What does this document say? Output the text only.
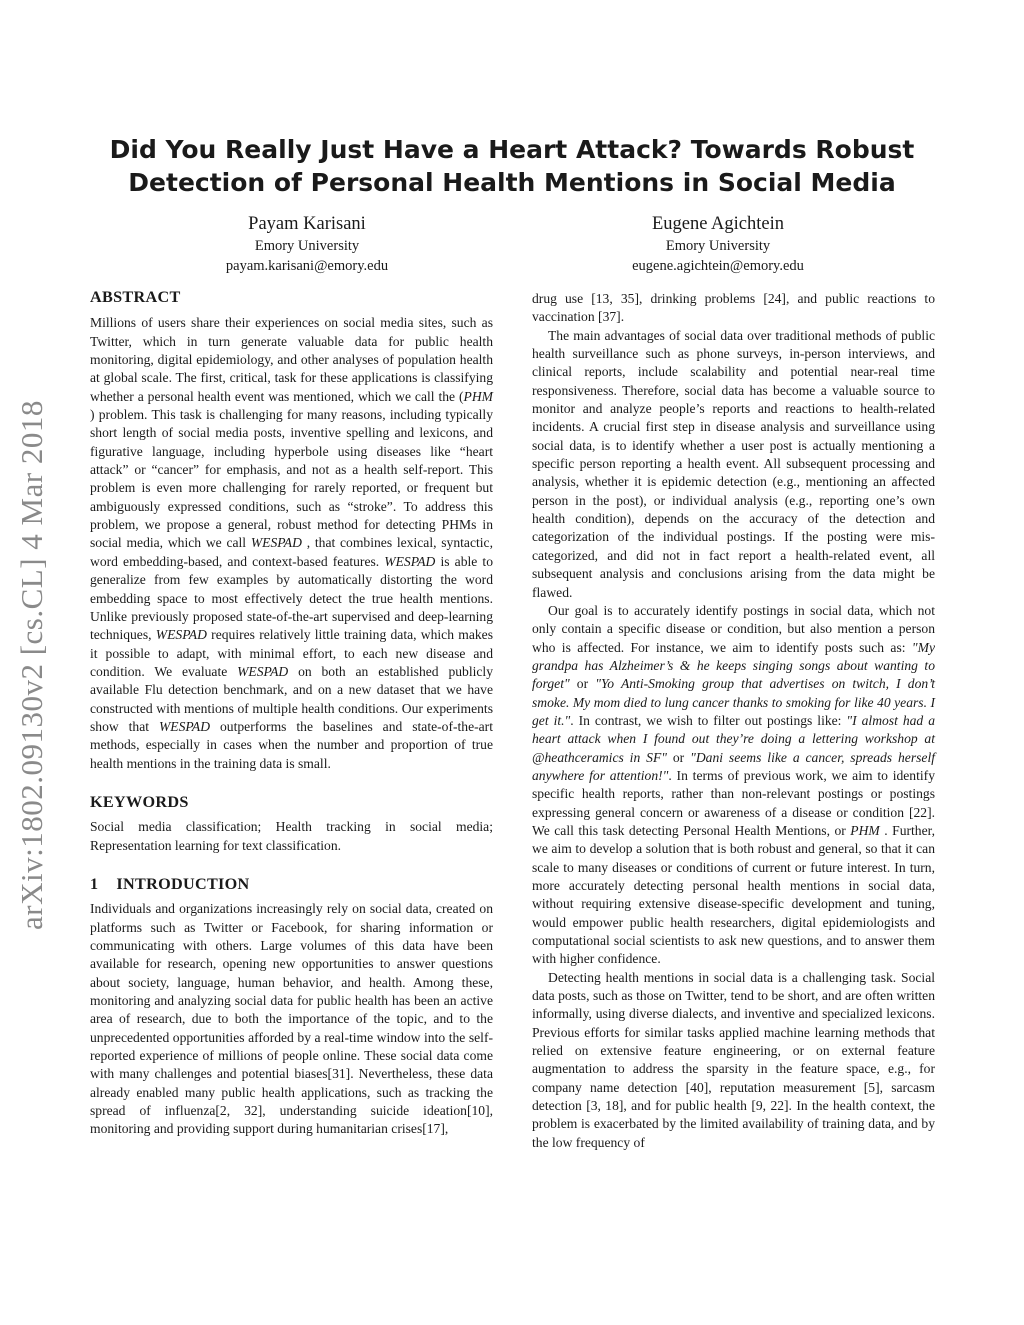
arXiv:1802.09130v2 [cs.CL] 4 Mar 2018
Did You Really Just Have a Heart Attack? Towards Robust
Detection of Personal Health Mentions in Social Media
Payam Karisani
Emory University
payam.karisani@emory.edu
Eugene Agichtein
Emory University
eugene.agichtein@emory.edu
ABSTRACT

Millions of users share their experiences on social media sites, such as Twitter, which in turn generate valuable data for public health monitoring, digital epidemiology, and other analyses of population health at global scale. The first, critical, task for these applications is classifying whether a personal health event was mentioned, which we call the (PHM ) problem. This task is challenging for many reasons, including typically short length of social media posts, inventive spelling and lexicons, and figurative language, including hyperbole using diseases like “heart attack” or “cancer” for emphasis, and not as a health self-report. This problem is even more challenging for rarely reported, or frequent but ambiguously expressed conditions, such as “stroke”. To address this problem, we propose a general, robust method for detecting PHMs in social media, which we call WESPAD , that combines lexical, syntactic, word embedding-based, and context-based features. WESPAD is able to generalize from few examples by automatically distorting the word embedding space to most effectively detect the true health mentions. Unlike previously proposed state-of-the-art supervised and deep-learning techniques, WESPAD requires relatively little training data, which makes it possible to adapt, with minimal effort, to each new disease and condition. We evaluate WESPAD on both an established publicly available Flu detection benchmark, and on a new dataset that we have constructed with mentions of multiple health conditions. Our experiments show that WESPAD outperforms the baselines and state-of-the-art methods, especially in cases when the number and proportion of true health mentions in the training data is small.

KEYWORDS

Social media classification; Health tracking in social media; Representation learning for text classification.

1 INTRODUCTION

Individuals and organizations increasingly rely on social data, created on platforms such as Twitter or Facebook, for sharing information or communicating with others. Large volumes of this data have been available for research, opening new opportunities to answer questions about society, language, human behavior, and health. Among these, monitoring and analyzing social data for public health has been an active area of research, due to both the importance of the topic, and to the unprecedented opportunities afforded by a real-time window into the self-reported experience of millions of people online. These social data come with many challenges and potential biases[31]. Nevertheless, these data already enabled many public health applications, such as tracking the spread of influenza[2, 32], understanding suicide ideation[10], monitoring and providing support during humanitarian crises[17],

drug use [13, 35], drinking problems [24], and public reactions to vaccination [37].

The main advantages of social data over traditional methods of public health surveillance such as phone surveys, in-person interviews, and clinical reports, include scalability and potential near-real time responsiveness. Therefore, social data has become a valuable source to monitor and analyze people’s reports and reactions to health-related incidents. A crucial first step in disease analysis and surveillance using social data, is to identify whether a user post is actually mentioning a specific person reporting a health event. All subsequent processing and analysis, whether it is epidemic detection (e.g., mentioning an affected person in the post), or individual analysis (e.g., reporting one’s own health condition), depends on the accuracy of the detection and categorization of the individual postings. If the posting were mis-categorized, and did not in fact report a health-related event, all subsequent analysis and conclusions arising from the data might be flawed.

Our goal is to accurately identify postings in social data, which not only contain a specific disease or condition, but also mention a person who is affected. For instance, we aim to identify posts such as: "My grandpa has Alzheimer’s & he keeps singing songs about wanting to forget" or "Yo Anti-Smoking group that advertises on twitch, I don’t smoke. My mom died to lung cancer thanks to smoking for like 40 years. I get it.". In contrast, we wish to filter out postings like: "I almost had a heart attack when I found out they’re doing a lettering workshop at @heathceramics in SF" or "Dani seems like a cancer, spreads herself anywhere for attention!". In terms of previous work, we aim to identify specific health reports, rather than non-relevant postings or postings expressing general concern or awareness of a disease or condition [22]. We call this task detecting Personal Health Mentions, or PHM . Further, we aim to develop a solution that is both robust and general, so that it can scale to many diseases or conditions of current or future interest. In turn, more accurately detecting personal health mentions in social data, without requiring extensive disease-specific development and tuning, would empower public health researchers, digital epidemiologists and computational social scientists to ask new questions, and to answer them with higher confidence.

Detecting health mentions in social data is a challenging task. Social data posts, such as those on Twitter, tend to be short, and are often written informally, using diverse dialects, and inventive and specialized lexicons. Previous efforts for similar tasks applied machine learning methods that relied on extensive feature engineering, or on external feature augmentation to address the sparsity in the feature space, e.g., for company name detection [40], reputation measurement [5], sarcasm detection [3, 18], and for public health [9, 22]. In the health context, the problem is exacerbated by the limited availability of training data, and by the low frequency of
